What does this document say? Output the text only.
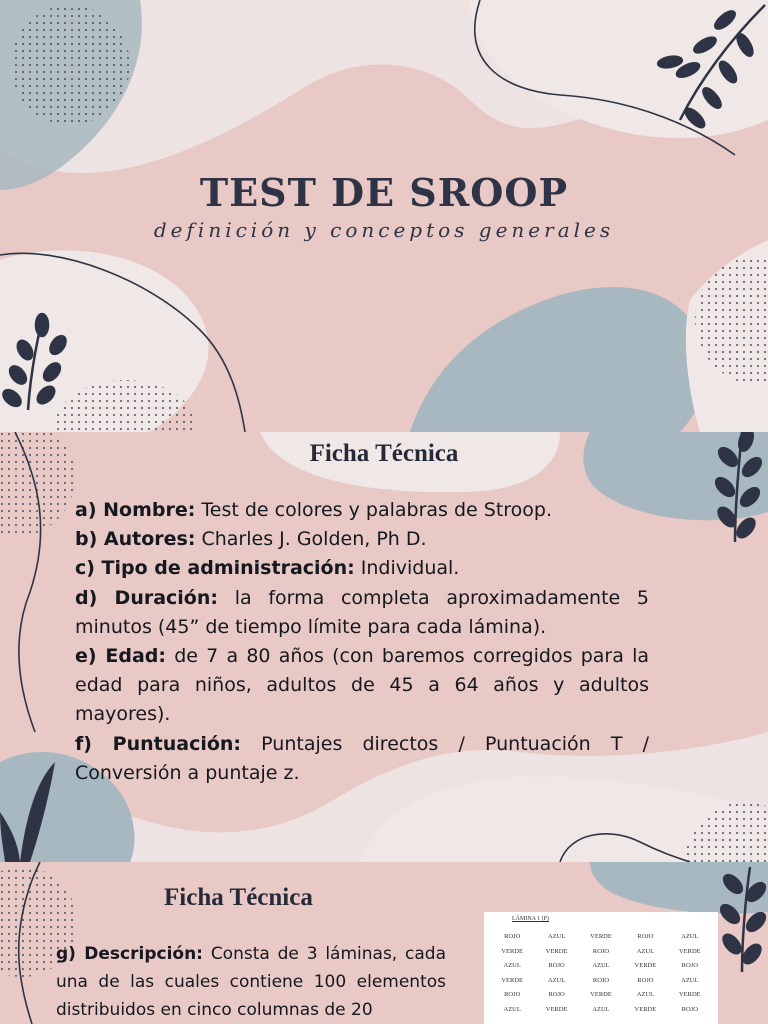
TEST DE SROOP

definición y conceptos generales

Ficha Técnica

a) Nombre: Test de colores y palabras de Stroop.

b) Autores: Charles J. Golden, Ph D.

c) Tipo de administración: Individual.

d) Duración: la forma completa aproximadamente 5 minutos (45” de tiempo límite para cada lámina).

e) Edad: de 7 a 80 años (con baremos corregidos para la edad para niños, adultos de 45 a 64 años y adultos mayores).

f) Puntuación: Puntajes directos / Puntuación T / Conversión a puntaje z.

Ficha Técnica

g) Descripción: Consta de 3 láminas, cada una de las cuales contiene 100 elementos distribuidos en cinco columnas de 20

LÁMINA 1 (P)
ROJO	AZUL	VERDE	ROJO	AZUL
VERDE	VERDE	ROJO	AZUL	VERDE
AZUL	ROJO	AZUL	VERDE	ROJO
VERDE	AZUL	ROJO	ROJO	AZUL
ROJO	ROJO	VERDE	AZUL	VERDE
AZUL	VERDE	AZUL	VERDE	ROJO
